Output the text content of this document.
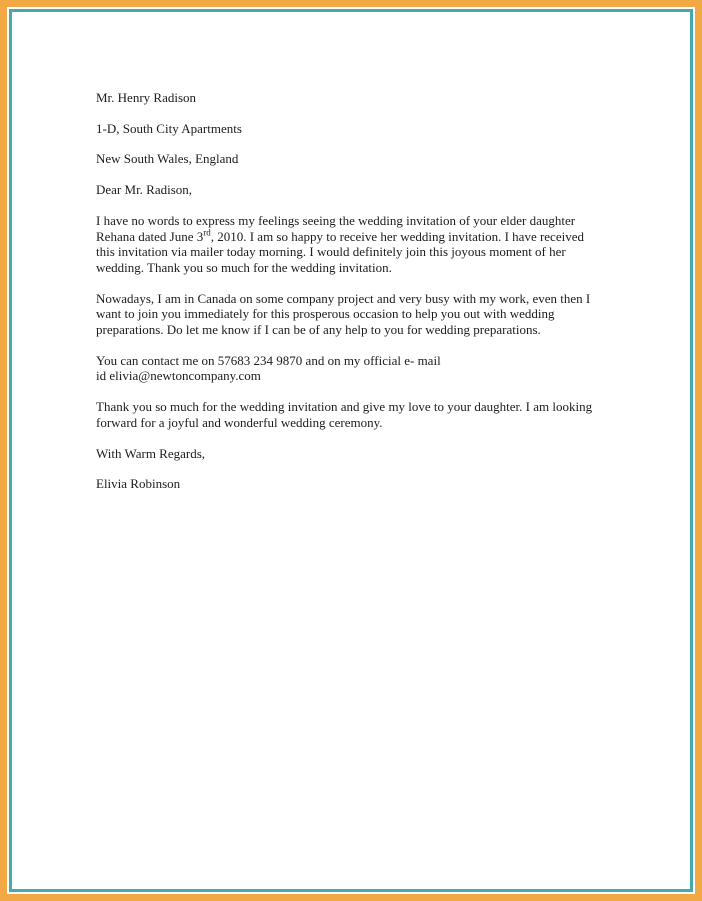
Mr. Henry Radison

1-D, South City Apartments

New South Wales, England

Dear Mr. Radison,

I have no words to express my feelings seeing the wedding invitation of your elder daughter Rehana dated June 3rd, 2010. I am so happy to receive her wedding invitation. I have received this invitation via mailer today morning. I would definitely join this joyous moment of her wedding. Thank you so much for the wedding invitation.

Nowadays, I am in Canada on some company project and very busy with my work, even then I want to join you immediately for this prosperous occasion to help you out with wedding preparations. Do let me know if I can be of any help to you for wedding preparations.

You can contact me on 57683 234 9870 and on my official e- mail
id elivia@newtoncompany.com

Thank you so much for the wedding invitation and give my love to your daughter. I am looking forward for a joyful and wonderful wedding ceremony.

With Warm Regards,

Elivia Robinson
